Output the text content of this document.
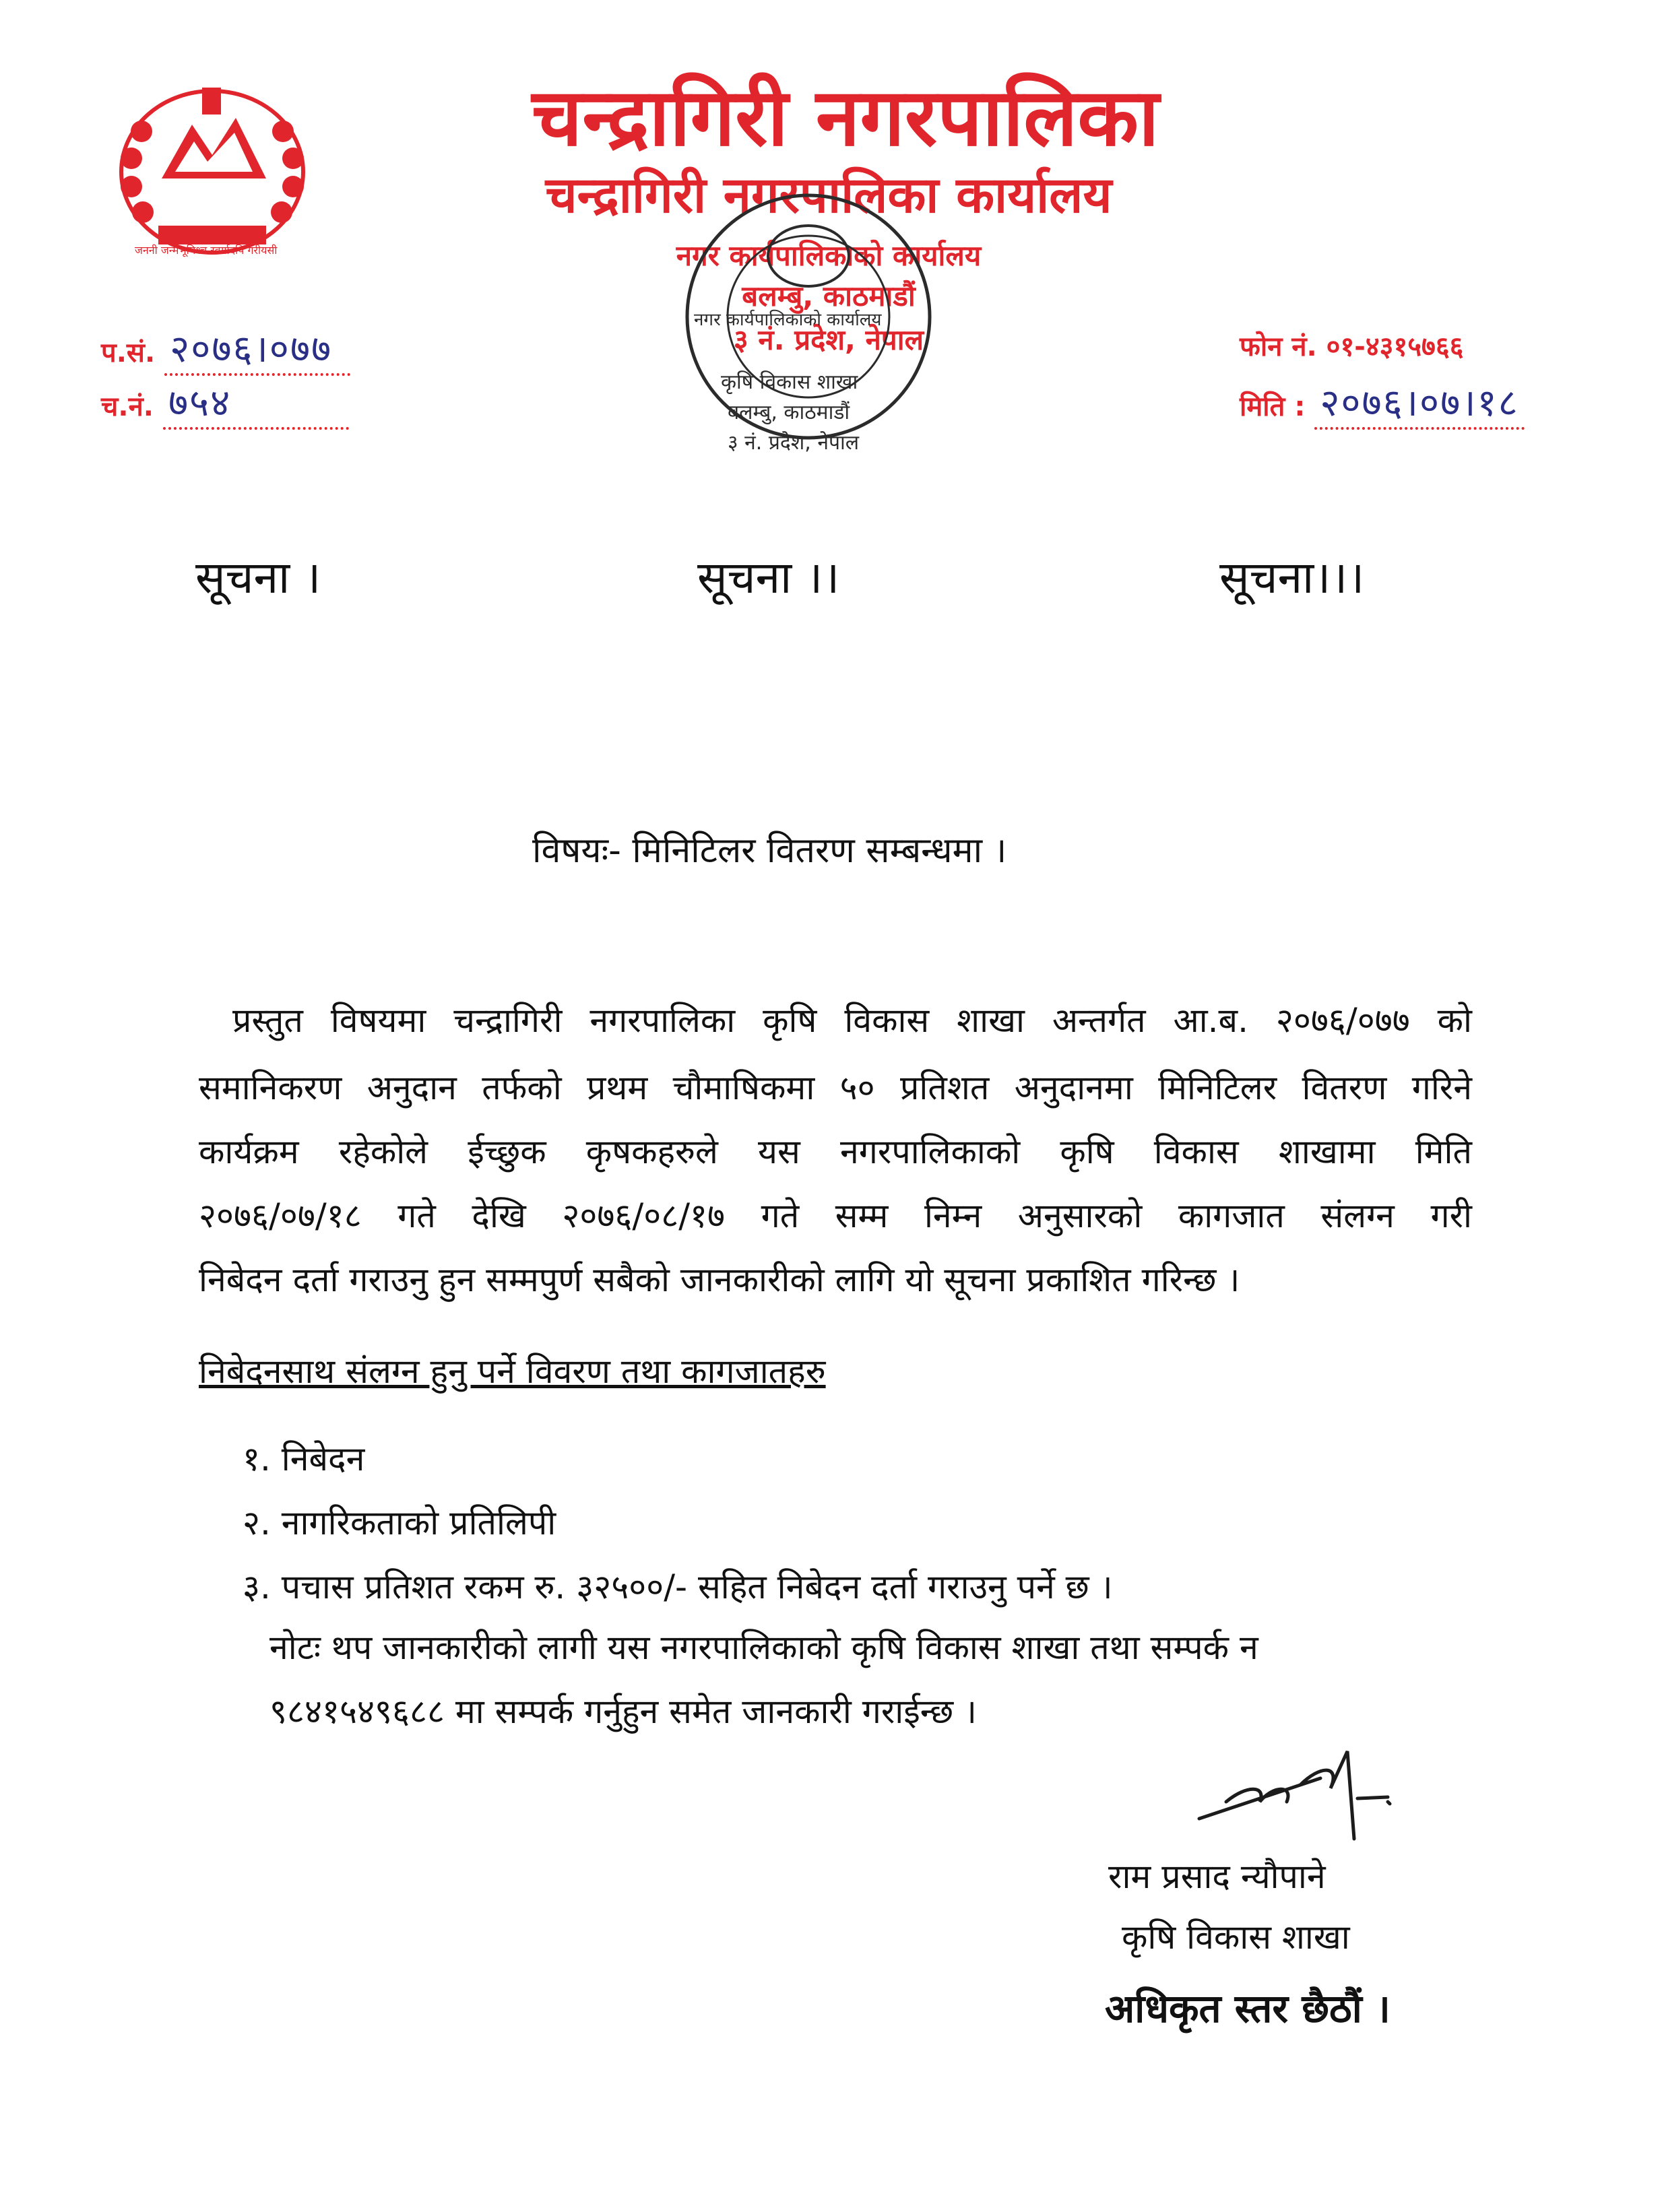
जननी जन्मभूमिश्च स्वर्गादपि गरीयसी
चन्द्रागिरी नगरपालिका
चन्द्रागिरी नगरपालिका कार्यालय
नगर कार्यपालिकाको कार्यालय
बलम्बु, काठमाडौं
३ नं. प्रदेश, नेपाल
प.सं. २०७६।०७७
च.नं. ७५४
फोन नं. ०१-४३१५७६६
मिति : २०७६।०७।१८
नगर कार्यपालिकाको कार्यालय
कृषि विकास शाखा
बलम्बु, काठमाडौं
३ नं. प्रदेश, नेपाल
सूचना ।	सूचना ।।	सूचना।।।
विषयः- मिनिटिलर वितरण सम्बन्धमा ।
प्रस्तुत विषयमा चन्द्रागिरी नगरपालिका कृषि विकास शाखा अन्तर्गत आ.ब. २०७६/०७७ को
समानिकरण अनुदान तर्फको प्रथम चौमाषिकमा ५० प्रतिशत अनुदानमा मिनिटिलर वितरण गरिने
कार्यक्रम रहेकोले ईच्छुक कृषकहरुले यस नगरपालिकाको कृषि विकास शाखामा मिति
२०७६/०७/१८ गते देखि २०७६/०८/१७ गते सम्म निम्न अनुसारको कागजात संलग्न गरी
निबेदन दर्ता गराउनु हुन सम्मपुर्ण सबैको जानकारीको लागि यो सूचना प्रकाशित गरिन्छ ।
निबेदनसाथ संलग्न हुनु पर्ने विवरण तथा कागजातहरु
१. निबेदन
२. नागरिकताको प्रतिलिपी
३. पचास प्रतिशत रकम रु. ३२५००/- सहित निबेदन दर्ता गराउनु पर्ने छ ।
नोटः थप जानकारीको लागी यस नगरपालिकाको कृषि विकास शाखा तथा सम्पर्क न
९८४१५४९६८८ मा सम्पर्क गर्नुहुन समेत जानकारी गराईन्छ ।
राम प्रसाद न्यौपाने
कृषि विकास शाखा
अधिकृत स्तर छैठौं ।
